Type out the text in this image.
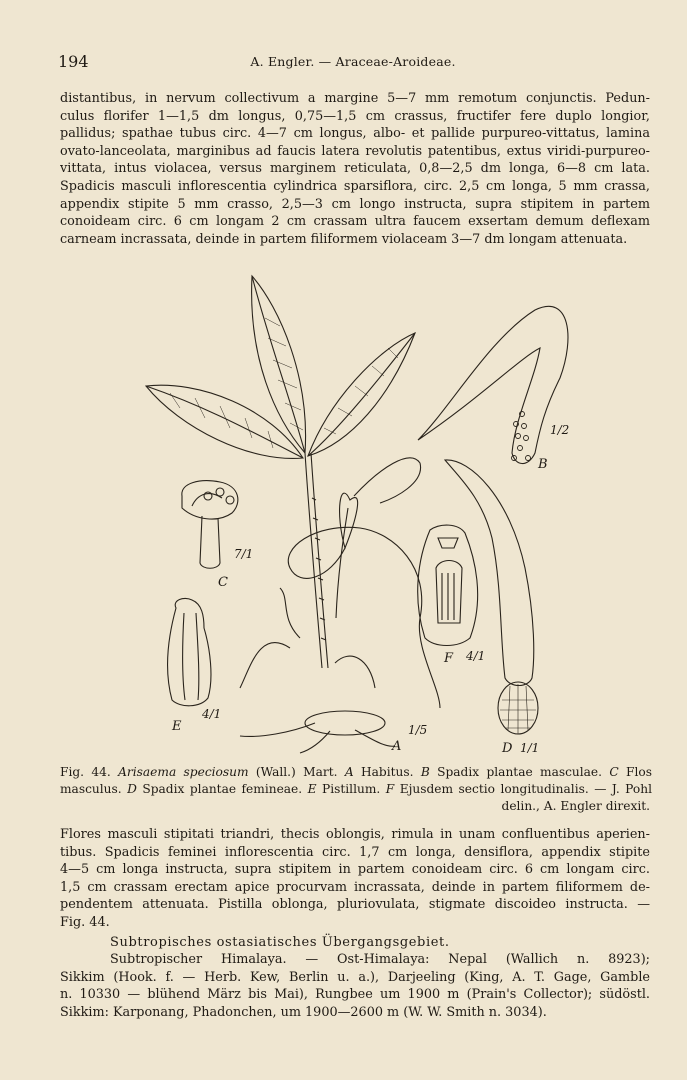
194	A. Engler. — Araceae-Aroideae.
distantibus, in nervum collectivum a margine 5—7 mm remotum conjunctis. Pedun-
culus florifer 1—1,5 dm longus, 0,75—1,5 cm crassus, fructifer fere duplo longior,
pallidus; spathae tubus circ. 4—7 cm longus, albo- et pallide purpureo-vittatus, lamina
ovato-lanceolata, marginibus ad faucis latera revolutis patentibus, extus viridi-purpureo-
vittata, intus violacea, versus marginem reticulata, 0,8—2,5 dm longa, 6—8 cm lata.
Spadicis masculi inflorescentia cylindrica sparsiflora, circ. 2,5 cm longa, 5 mm crassa,
appendix stipite 5 mm crasso, 2,5—3 cm longo instructa, supra stipitem in partem
conoideam circ. 6 cm longam 2 cm crassam ultra faucem exsertam demum deflexam
carneam incrassata, deinde in partem filiformem violaceam 3—7 dm longam attenuata.
A
1/5
B
1/2
C
7/1
D 1/1
E
4/1
F 4/1
Fig. 44. Arisaema speciosum (Wall.) Mart. A Habitus. B Spadix plantae masculae. C Flos
masculus. D Spadix plantae feminеae. E Pistillum. F Ejusdem sectio longitudinalis. — J. Pohl
delin., A. Engler direxit.
Flores masculi stipitati triandri, thecis oblongis, rimula in unam confluentibus aperien-
tibus. Spadicis feminei inflorescentia circ. 1,7 cm longa, densiflora, appendix stipite
4—5 cm longa instructa, supra stipitem in partem conoideam circ. 6 cm longam circ.
1,5 cm crassam erectam apice procurvam incrassata, deinde in partem filiformem de-
pendentem attenuata. Pistilla oblonga, pluriovulata, stigmate discoideo instructa. —
Fig. 44.
Subtropisches ostasiatisches Übergangsgebiet.
Subtropischer Himalaya. — Ost-Himalaya: Nepal (Wallich n. 8923);
Sikkim (Hook. f. — Herb. Kew, Berlin u. a.), Darjeeling (King, A. T. Gage, Gamble
n. 10330 — blühend März bis Mai), Rungbee um 1900 m (Prain's Collector); südöstl.
Sikkim: Karponang, Phadonchen, um 1900—2600 m (W. W. Smith n. 3034).
